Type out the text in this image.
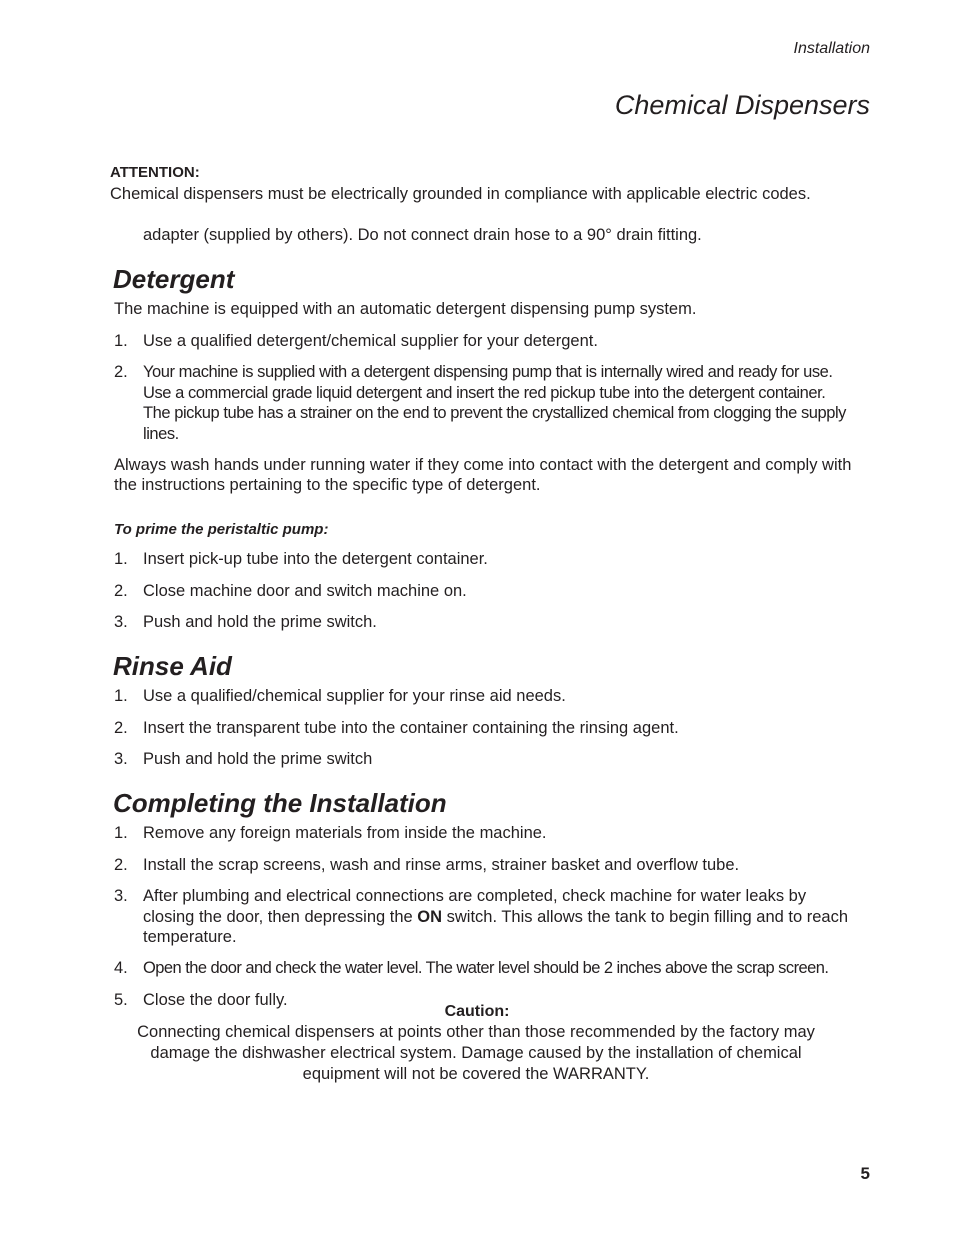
Installation
Chemical Dispensers
ATTENTION:
Chemical dispensers must be electrically grounded in compliance with applicable electric codes.
adapter (supplied by others). Do not connect drain hose to a 90° drain fitting.
Detergent
The machine is equipped with an automatic detergent dispensing pump system.
1. Use a qualified detergent/chemical supplier for your detergent.
2. Your machine is supplied with a detergent dispensing pump that is internally wired and ready for use. Use a commercial grade liquid detergent and insert the red pickup tube into the detergent container. The pickup tube has a strainer on the end to prevent the crystallized chemical from clogging the supply lines.
Always wash hands under running water if they come into contact with the detergent and comply with the instructions pertaining to the specific type of detergent.
To prime the peristaltic pump:
1. Insert pick-up tube into the detergent container.
2. Close machine door and switch machine on.
3. Push and hold the prime switch.
Rinse Aid
1. Use a qualified/chemical supplier for your rinse aid needs.
2. Insert the transparent tube into the container containing the rinsing agent.
3. Push and hold the prime switch
Completing the Installation
1. Remove any foreign materials from inside the machine.
2. Install the scrap screens, wash and rinse arms, strainer basket and overflow tube.
3. After plumbing and electrical connections are completed, check machine for water leaks by closing the door, then depressing the ON switch. This allows the tank to begin filling and to reach temperature.
4. Open the door and check the water level. The water level should be 2 inches above the scrap screen.
5. Close the door fully.
Caution:
Connecting chemical dispensers at points other than those recommended by the factory may damage the dishwasher electrical system. Damage caused by the installation of chemical equipment will not be covered the WARRANTY.
5
